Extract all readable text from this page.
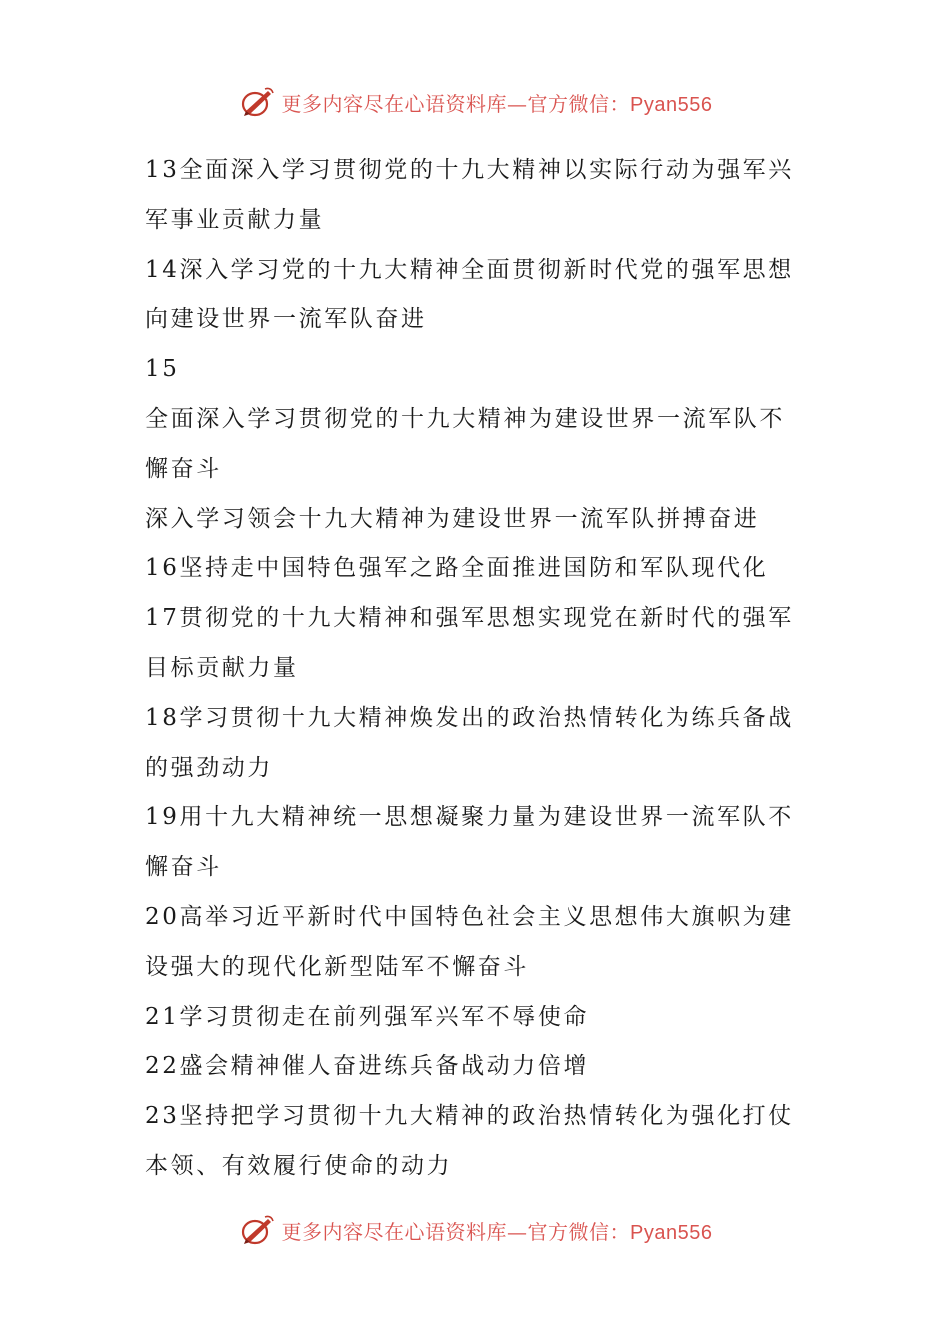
更多内容尽在心语资料库—官方微信：Pyan556
13全面深入学习贯彻党的十九大精神以实际行动为强军兴
军事业贡献力量
14深入学习党的十九大精神全面贯彻新时代党的强军思想
向建设世界一流军队奋进
15
全面深入学习贯彻党的十九大精神为建设世界一流军队不
懈奋斗
深入学习领会十九大精神为建设世界一流军队拼搏奋进
16坚持走中国特色强军之路全面推进国防和军队现代化
17贯彻党的十九大精神和强军思想实现党在新时代的强军
目标贡献力量
18学习贯彻十九大精神焕发出的政治热情转化为练兵备战
的强劲动力
19用十九大精神统一思想凝聚力量为建设世界一流军队不
懈奋斗
20高举习近平新时代中国特色社会主义思想伟大旗帜为建
设强大的现代化新型陆军不懈奋斗
21学习贯彻走在前列强军兴军不辱使命
22盛会精神催人奋进练兵备战动力倍增
23坚持把学习贯彻十九大精神的政治热情转化为强化打仗
本领、有效履行使命的动力
更多内容尽在心语资料库—官方微信：Pyan556
